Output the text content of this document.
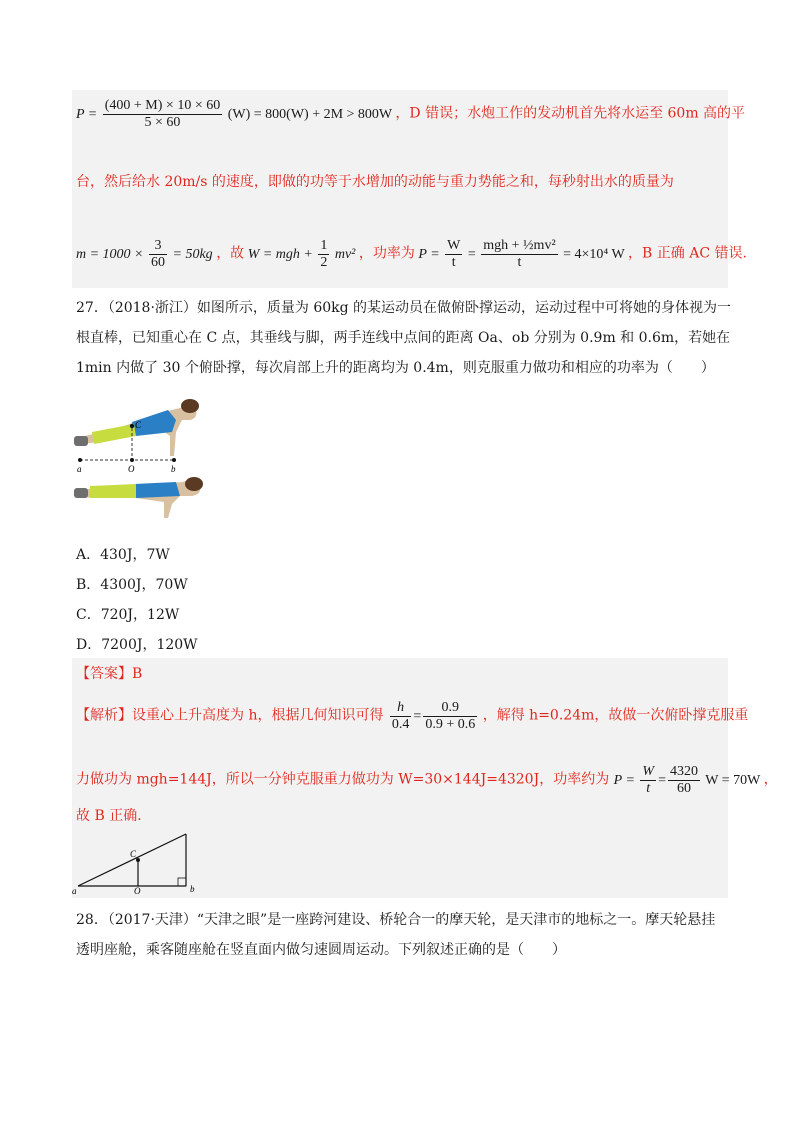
$P = \frac{(400 + M) \times 10 \times 60}{5 \times 60} (W) = 800(W) + 2M > 800W$ ，D 错误；水炮工作的发动机首先将水运至 60m 高的平
台，然后给水 20m/s 的速度，即做的功等于水增加的动能与重力势能之和，每秒射出水的质量为
$m = 1000 \times \frac{3}{60} = 50kg$ ，故 W = mgh + $\frac{1}{2} mv^2$ ，功率为 $P = \frac{W}{t} = \frac{\text{mgh + ½mv²}}{t} = 4\times 10^4$ W ，B 正确 AC 错误.
27．（2018·浙江）如图所示，质量为 60kg 的某运动员在做俯卧撑运动，运动过程中可将她的身体视为一
根直棒，已知重心在 C 点，其垂线与脚，两手连线中点间的距离 Oa、ob 分别为 0.9m 和 0.6m，若她在
1min 内做了 30 个俯卧撑，每次肩部上升的距离均为 0.4m，则克服重力做功和相应的功率为（　　）
C
a	O	b
A．430J，7W
B．4300J，70W
C．720J，12W
D．7200J，120W
【答案】B
【解析】设重心上升高度为 h，根据几何知识可得 $\frac{h}{0.4} = \frac{0.9}{0.9 + 0.6}$ ，解得 h=0.24m，故做一次俯卧撑克服重
力做功为 mgh=144J，所以一分钟克服重力做功为 W=30×144J=4320J，功率约为 $P = \frac{W}{t} = \frac{4320}{60}$ W = 70W ，
故 B 正确．
C
a	O	b
28．（2017·天津）“天津之眼”是一座跨河建设、桥轮合一的摩天轮，是天津市的地标之一。摩天轮悬挂
透明座舱，乘客随座舱在竖直面内做匀速圆周运动。下列叙述正确的是（　　）
